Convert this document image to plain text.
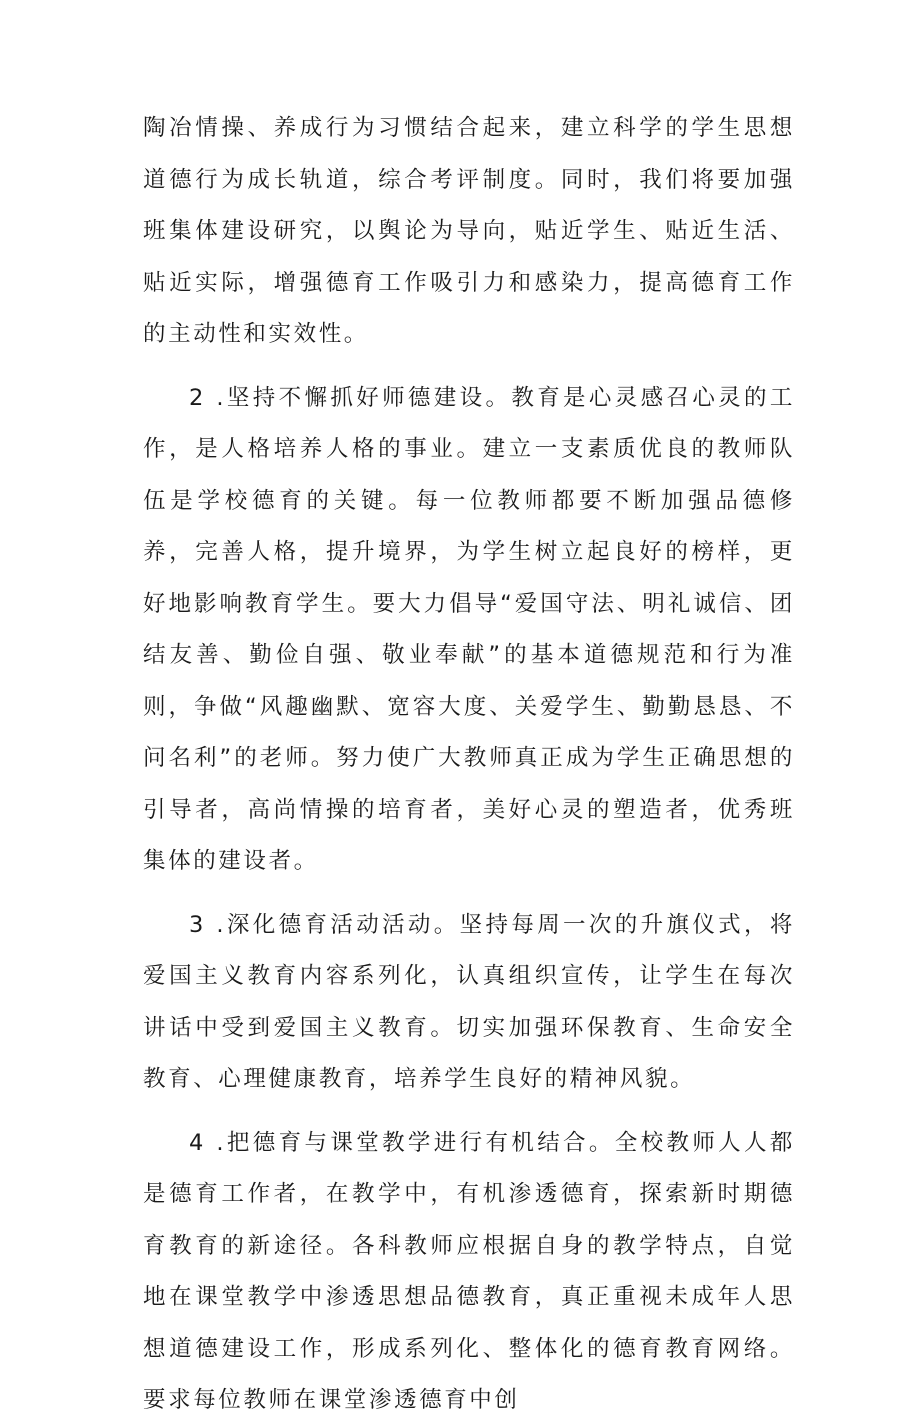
陶冶情操、养成行为习惯结合起来，建立科学的学生思想道德行为成长轨道，综合考评制度。同时，我们将要加强班集体建设研究，以舆论为导向，贴近学生、贴近生活、贴近实际，增强德育工作吸引力和感染力，提高德育工作的主动性和实效性。

2 .坚持不懈抓好师德建设。教育是心灵感召心灵的工作，是人格培养人格的事业。建立一支素质优良的教师队伍是学校德育的关键。每一位教师都要不断加强品德修养，完善人格，提升境界，为学生树立起良好的榜样，更好地影响教育学生。要大力倡导“爱国守法、明礼诚信、团结友善、勤俭自强、敬业奉献”的基本道德规范和行为准则，争做“风趣幽默、宽容大度、关爱学生、勤勤恳恳、不问名利”的老师。努力使广大教师真正成为学生正确思想的引导者，高尚情操的培育者，美好心灵的塑造者，优秀班集体的建设者。

3 .深化德育活动活动。坚持每周一次的升旗仪式，将爱国主义教育内容系列化，认真组织宣传，让学生在每次讲话中受到爱国主义教育。切实加强环保教育、生命安全教育、心理健康教育，培养学生良好的精神风貌。

4 .把德育与课堂教学进行有机结合。全校教师人人都是德育工作者，在教学中，有机渗透德育，探索新时期德育教育的新途径。各科教师应根据自身的教学特点，自觉地在课堂教学中渗透思想品德教育，真正重视未成年人思想道德建设工作，形成系列化、整体化的德育教育网络。要求每位教师在课堂渗透德育中创
